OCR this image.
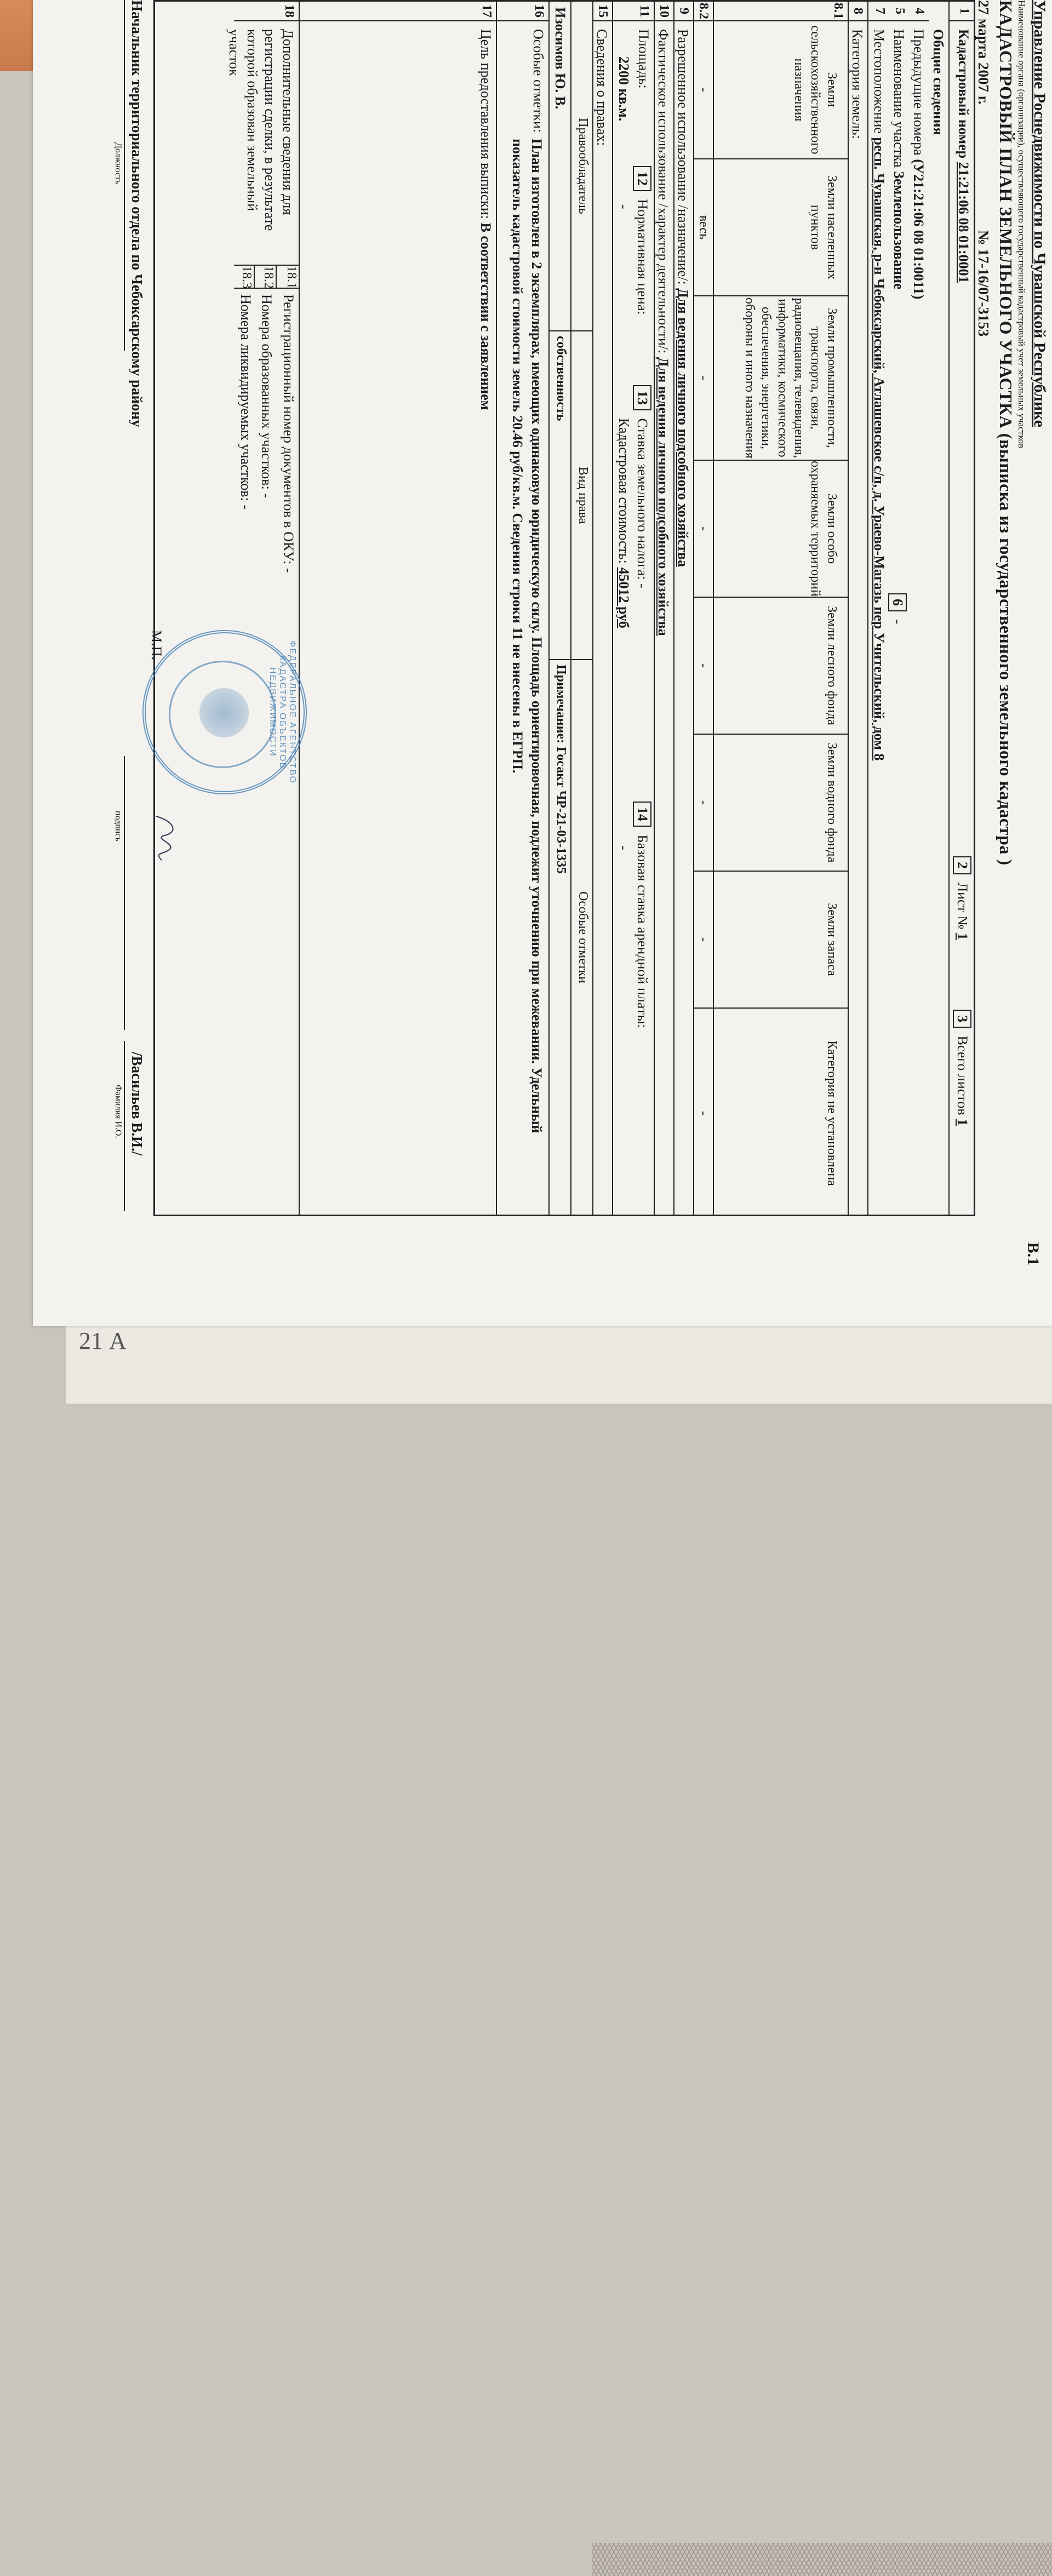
21 А
Управление Роснедвижимости по Чувашской Республике
Наименование органа (организации), осуществляющего государственный кадастровый учет земельных участков
КАДАСТРОВЫЙ ПЛАН ЗЕМЕЛЬНОГО УЧАСТКА (выписка из государственного земельного кадастра )
27 марта 2007 г.
№ 17-16/07-3153
В.1
1
Кадастровый номер 21:21:06 08 01:0001
2 Лист № 1
3 Всего листов 1
Общие сведения
4
Предыдущие номера (У21:21:06 08 01:0011)
5
Наименование участка Землепользование
6 -
7
Местоположение респ. Чувашская, р-н Чебоксарский, Атлашевское с/п, д. Ураево-Магазь пер Учительский, дом 8
8
Категория земель:
8.1
Земли сельскохозяйственного назначения
Земли населенных пунктов
Земли промышленности, транспорта, связи, радиовещания, телевидения, информатики, космического обеспечения, энергетики, обороны и иного назначения
Земли особо охраняемых территорий
Земли лесного фонда
Земли водного фонда
Земли запаса
Категория не установлена
8.2
-
весь
-
-
-
-
-
-
9
Разрешенное использование /назначение/: Для ведения личного подсобного хозяйства
10
Фактическое использование /характер деятельности/: Для ведения личного подсобного хозяйства
11
Площадь:
2200 кв.м.
12 Нормативная цена:
-
13 Ставка земельного налога: -
Кадастровая стоимость: 45012 руб
14 Базовая ставка арендной платы:
-
15
Сведения о правах:
Правообладатель
Вид права
Особые отметки
Изосимов Ю. В.
собственность
Примечание: Госакт ЧР-21-03-1335
16
Особые отметки:
План изготовлен в 2 экземплярах, имеющих одинаковую юридическую силу. Площадь ориентировочная, подлежит уточнению при межевании. Удельный показатель кадастровой стоимости земель 20.46 руб/кв.м. Сведения строки 11 не внесены в ЕГРП.
17
Цель предоставления выписки: В соответствии с заявлением
18
Дополнительные сведения для регистрации сделки, в результате которой образован земельный участок
18.1
18.2
18.3
Регистрационный номер документов в ОКУ: -
Номера образованных участков: -
Номера ликвидируемых участков: -
Начальник территориального отдела по Чебоксарскому району
Должность
М.П.
подпись
/Васильев В.И./
Фамилия И.О.
ФЕДЕРАЛЬНОЕ АГЕНТСТВО КАДАСТРА ОБЪЕКТОВ НЕДВИЖИМОСТИ
